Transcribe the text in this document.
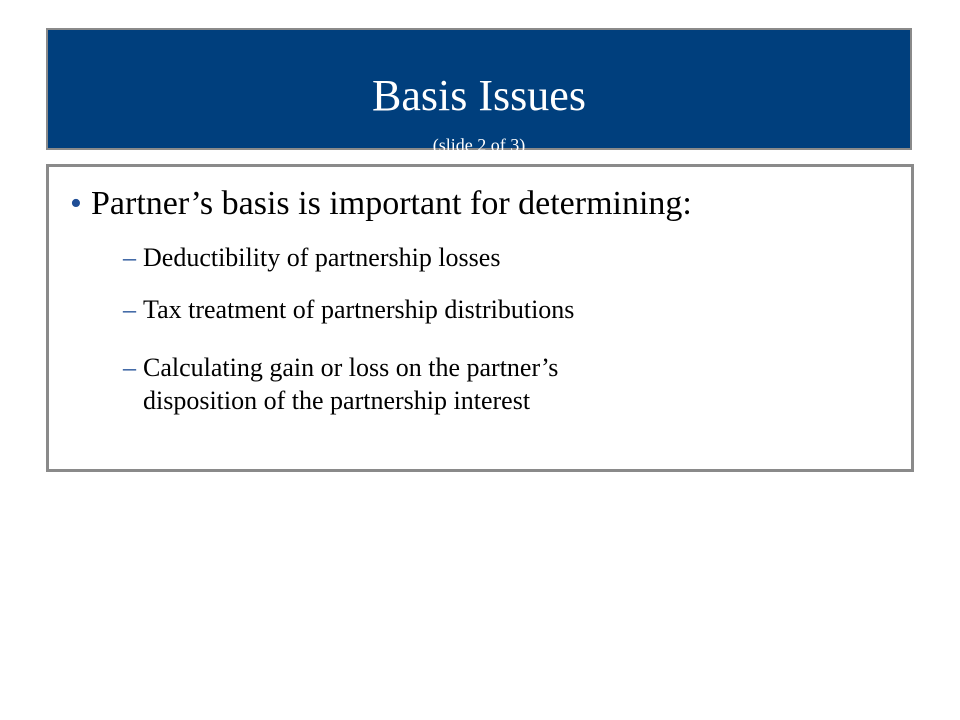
Basis Issues
(slide 2 of 3)
• Partner’s basis is important for determining:
– Deductibility of partnership losses
– Tax treatment of partnership distributions
– Calculating gain or loss on the partner’s
disposition of the partnership interest
